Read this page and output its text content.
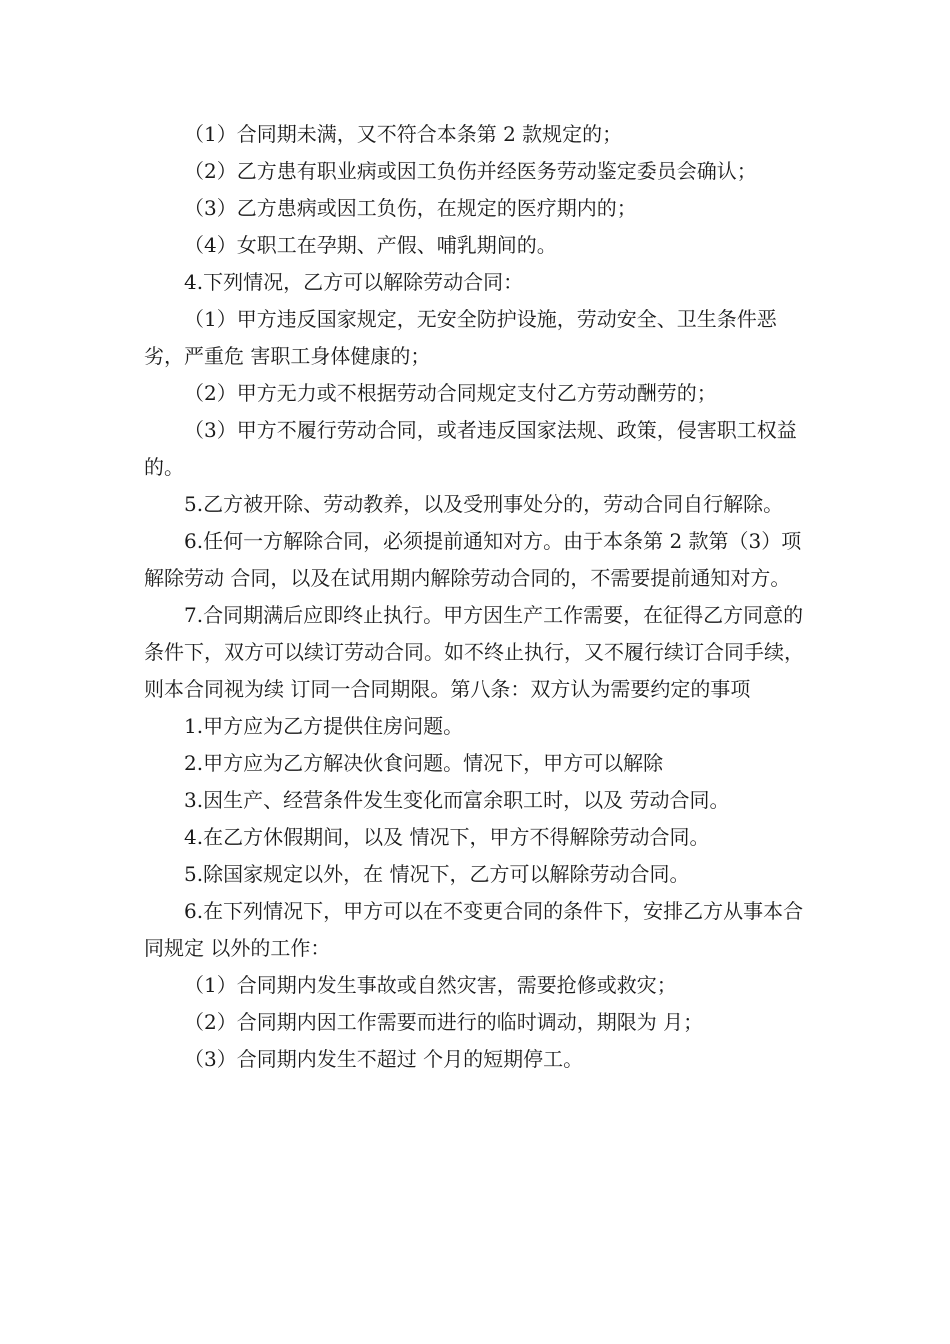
（1）合同期未满，又不符合本条第 2 款规定的；

（2）乙方患有职业病或因工负伤并经医务劳动鉴定委员会确认；

（3）乙方患病或因工负伤，在规定的医疗期内的；

（4）女职工在孕期、产假、哺乳期间的。

4.下列情况，乙方可以解除劳动合同：

（1）甲方违反国家规定，无安全防护设施，劳动安全、卫生条件恶劣，严重危 害职工身体健康的；

（2）甲方无力或不根据劳动合同规定支付乙方劳动酬劳的；

（3）甲方不履行劳动合同，或者违反国家法规、政策，侵害职工权益的。

5.乙方被开除、劳动教养，以及受刑事处分的，劳动合同自行解除。

6.任何一方解除合同，必须提前通知对方。由于本条第 2 款第（3）项解除劳动 合同，以及在试用期内解除劳动合同的，不需要提前通知对方。

7.合同期满后应即终止执行。甲方因生产工作需要，在征得乙方同意的条件下，双方可以续订劳动合同。如不终止执行，又不履行续订合同手续，则本合同视为续 订同一合同期限。第八条：双方认为需要约定的事项

1.甲方应为乙方提供住房问题。

2.甲方应为乙方解决伙食问题。情况下，甲方可以解除

3.因生产、经营条件发生变化而富余职工时，以及 劳动合同。

4.在乙方休假期间，以及 情况下，甲方不得解除劳动合同。

5.除国家规定以外，在 情况下，乙方可以解除劳动合同。

6.在下列情况下，甲方可以在不变更合同的条件下，安排乙方从事本合同规定 以外的工作：

（1）合同期内发生事故或自然灾害，需要抢修或救灾；

（2）合同期内因工作需要而进行的临时调动，期限为 月；

（3）合同期内发生不超过 个月的短期停工。
